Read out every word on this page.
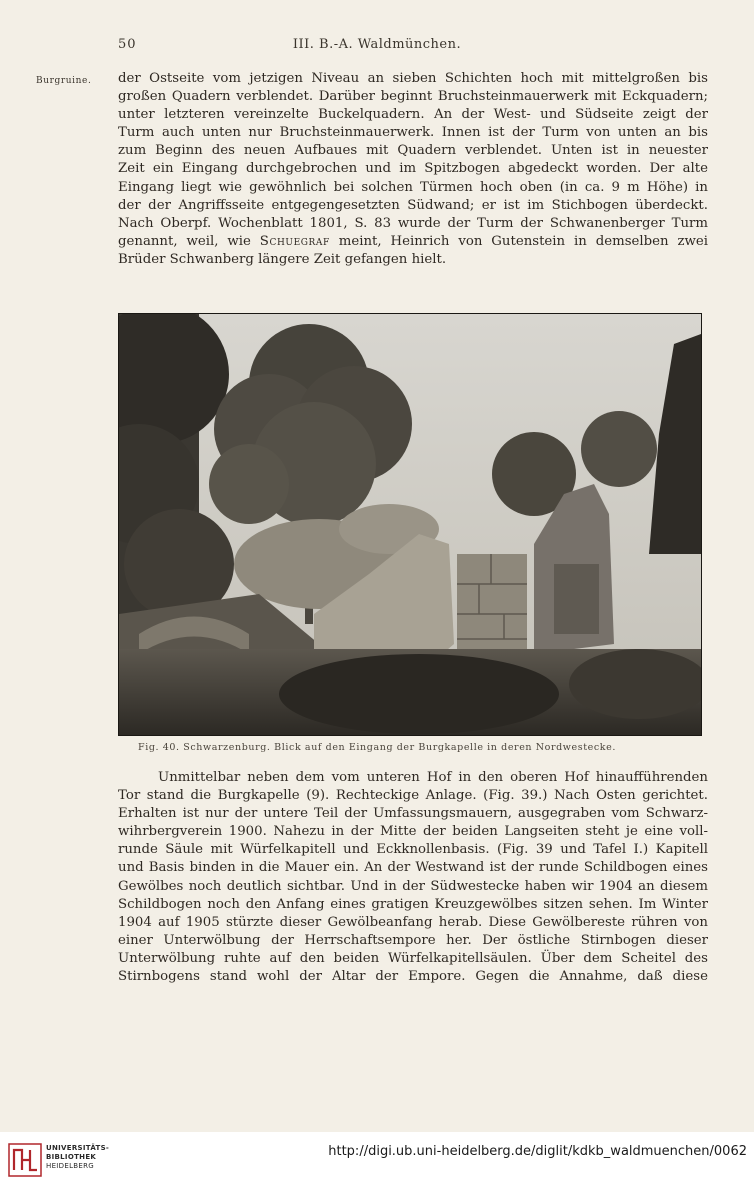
50	III. B.-A. Waldmünchen.
Burgruine. der Ostseite vom jetzigen Niveau an sieben Schichten hoch mit mittelgroßen bis
großen Quadern verblendet. Darüber beginnt Bruchsteinmauerwerk mit Eckquadern;
unter letzteren vereinzelte Buckelquadern. An der West- und Südseite zeigt der
Turm auch unten nur Bruchsteinmauerwerk. Innen ist der Turm von unten an bis
zum Beginn des neuen Aufbaues mit Quadern verblendet. Unten ist in neuester
Zeit ein Eingang durchgebrochen und im Spitzbogen abgedeckt worden. Der alte
Eingang liegt wie gewöhnlich bei solchen Türmen hoch oben (in ca. 9 m Höhe) in
der der Angriffsseite entgegengesetzten Südwand; er ist im Stichbogen überdeckt.
Nach Oberpf. Wochenblatt 1801, S. 83 wurde der Turm der Schwanenberger Turm
genannt, weil, wie Schuegraf meint, Heinrich von Gutenstein in demselben zwei
Brüder Schwanberg längere Zeit gefangen hielt.
Fig. 40. Schwarzenburg. Blick auf den Eingang der Burgkapelle in deren Nordwestecke.
Unmittelbar neben dem vom unteren Hof in den oberen Hof hinaufführenden
Tor stand die Burgkapelle (9). Rechteckige Anlage. (Fig. 39.) Nach Osten gerichtet.
Erhalten ist nur der untere Teil der Umfassungsmauern, ausgegraben vom Schwarz-
wihrbergverein 1900. Nahezu in der Mitte der beiden Langseiten steht je eine voll-
runde Säule mit Würfelkapitell und Eckknollenbasis. (Fig. 39 und Tafel I.) Kapitell
und Basis binden in die Mauer ein. An der Westwand ist der runde Schildbogen eines
Gewölbes noch deutlich sichtbar. Und in der Südwestecke haben wir 1904 an diesem
Schildbogen noch den Anfang eines gratigen Kreuzgewölbes sitzen sehen. Im Winter
1904 auf 1905 stürzte dieser Gewölbeanfang herab. Diese Gewölbereste rühren von
einer Unterwölbung der Herrschaftsempore her. Der östliche Stirnbogen dieser
Unterwölbung ruhte auf den beiden Würfelkapitellsäulen. Über dem Scheitel des
Stirnbogens stand wohl der Altar der Empore. Gegen die Annahme, daß diese
UNIVERSITÄTS-
BIBLIOTHEK
HEIDELBERG
http://digi.ub.uni-heidelberg.de/diglit/kdkb_waldmuenchen/0062
